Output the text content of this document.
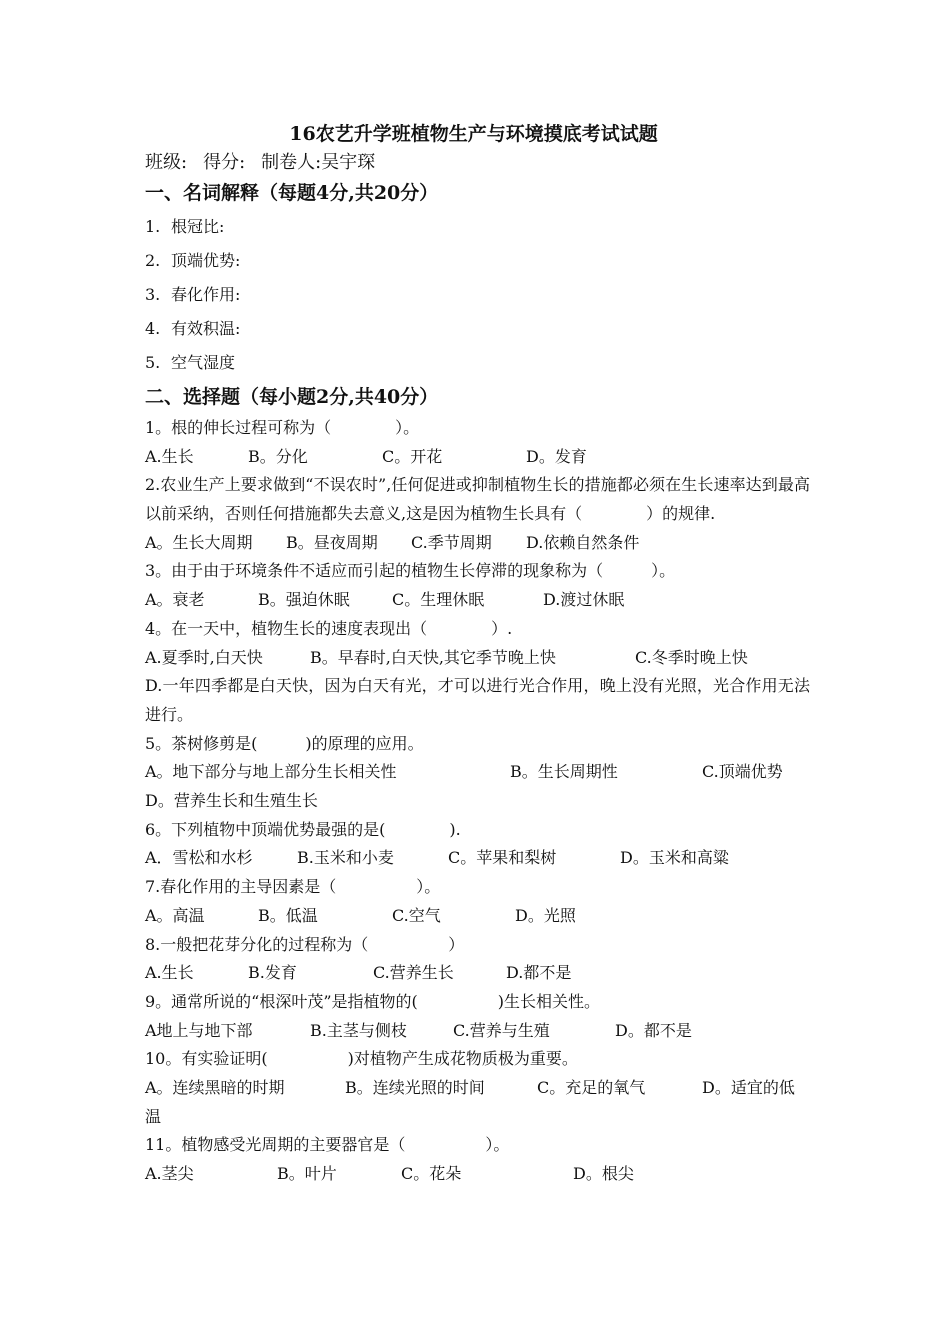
16农艺升学班植物生产与环境摸底考试试题
班级: 得分: 制卷人:吴宇琛
一、名词解释（每题4分,共20分）
1. 根冠比:
2. 顶端优势:
3. 春化作用:
4. 有效积温:
5. 空气湿度
二、选择题（每小题2分,共40分）
1。根的伸长过程可称为（　　　　）。
A.生长	B。分化	C。开花	D。发育
2.农业生产上要求做到“不误农时”,任何促进或抑制植物生长的措施都必须在生长速率达到最高以前采纳，否则任何措施都失去意义,这是因为植物生长具有（　　　　）的规律.
A。生长大周期 B。昼夜周期 C.季节周期 D.依赖自然条件
3。由于由于环境条件不适应而引起的植物生长停滞的现象称为（　　　）。
A。衰老	B。强迫休眠	C。生理休眠	D.渡过休眠
4。在一天中，植物生长的速度表现出（　　　　）.
A.夏季时,白天快	B。早春时,白天快,其它季节晚上快	C.冬季时晚上快
D.一年四季都是白天快，因为白天有光，才可以进行光合作用，晚上没有光照，光合作用无法进行。
5。茶树修剪是(　　　)的原理的应用。
A。地下部分与地上部分生长相关性	B。生长周期性	C.顶端优势
D。营养生长和生殖生长
6。下列植物中顶端优势最强的是(　　　　).
A．雪松和水杉	B.玉米和小麦	C。苹果和梨树	D。玉米和高粱
7.春化作用的主导因素是（　　　　　）。
A。高温	B。低温	C.空气	D。光照
8.一般把花芽分化的过程称为（　　　　　）
A.生长	B.发育	C.营养生长	D.都不是
9。通常所说的“根深叶茂”是指植物的(　　　　　)生长相关性。
A地上与地下部	B.主茎与侧枝	C.营养与生殖	D。都不是
10。有实验证明(　　　　　)对植物产生成花物质极为重要。
A。连续黑暗的时期	B。连续光照的时间	C。充足的氧气	D。适宜的低
温
11。植物感受光周期的主要器官是（　　　　　）。
A.茎尖	B。叶片	C。花朵	D。根尖
